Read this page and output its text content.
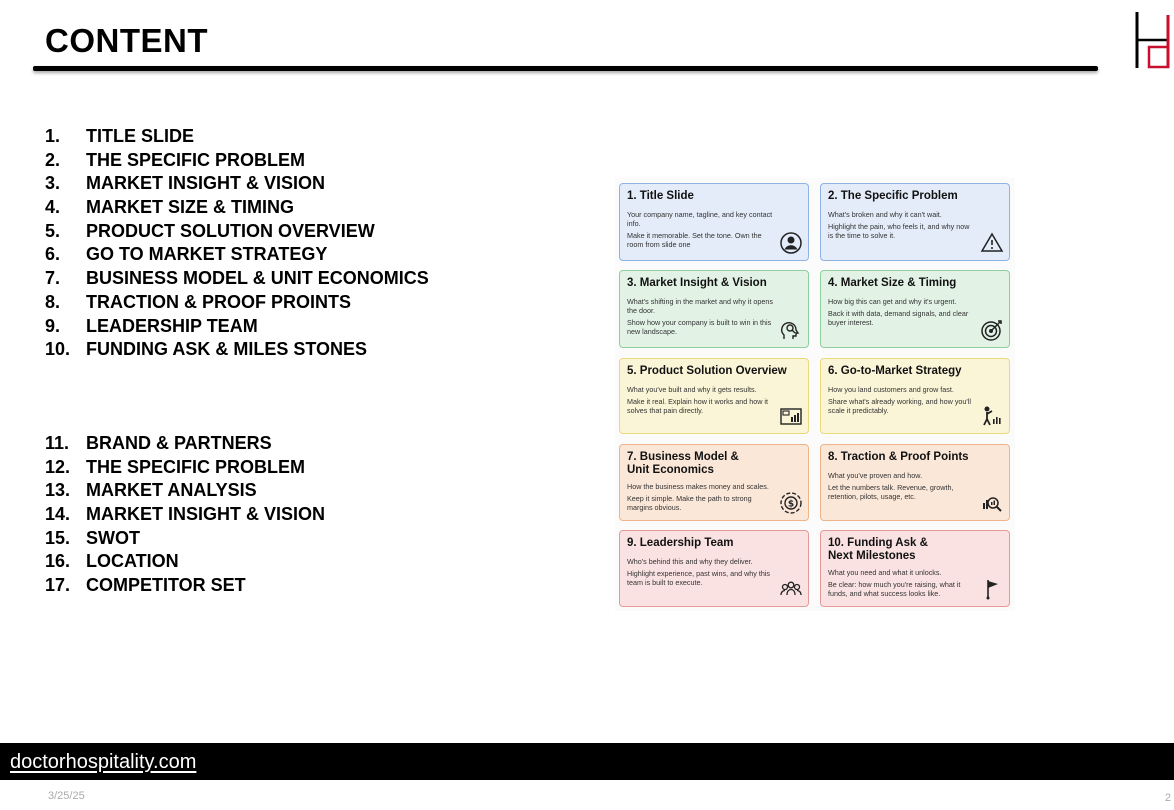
CONTENT
1. TITLE SLIDE
2. THE SPECIFIC PROBLEM
3. MARKET INSIGHT & VISION
4. MARKET SIZE & TIMING
5. PRODUCT SOLUTION OVERVIEW
6. GO TO MARKET STRATEGY
7. BUSINESS MODEL & UNIT ECONOMICS
8. TRACTION & PROOF PROINTS
9. LEADERSHIP TEAM
10. FUNDING ASK & MILES STONES
11. BRAND & PARTNERS
12. THE SPECIFIC PROBLEM
13. MARKET ANALYSIS
14. MARKET INSIGHT & VISION
15. SWOT
16. LOCATION
17. COMPETITOR SET
1. Title Slide
Your company name, tagline, and key contact info.
Make it memorable. Set the tone. Own the room from slide one
2. The Specific Problem
What's broken and why it can't wait.
Highlight the pain, who feels it, and why now is the time to solve it.
3. Market Insight & Vision
What's shifting in the market and why it opens the door.
Show how your company is built to win in this new landscape.
4. Market Size & Timing
How big this can get and why it's urgent.
Back it with data, demand signals, and clear buyer interest.
5. Product Solution Overview
What you've built and why it gets results.
Make it real. Explain how it works and how it solves that pain directly.
6. Go-to-Market Strategy
How you land customers and grow fast.
Share what's already working, and how you'll scale it predictably.
7. Business Model & Unit Economics
How the business makes money and scales.
Keep it simple. Make the path to strong margins obvious.	$
8. Traction & Proof Points
What you've proven and how.
Let the numbers talk. Revenue, growth, retention, pilots, usage, etc.
9. Leadership Team
Who's behind this and why they deliver.
Highlight experience, past wins, and why this team is built to execute.
10. Funding Ask & Next Milestones
What you need and what it unlocks.
Be clear: how much you're raising, what it funds, and what success looks like.
doctorhospitality.com
3/25/25	2
